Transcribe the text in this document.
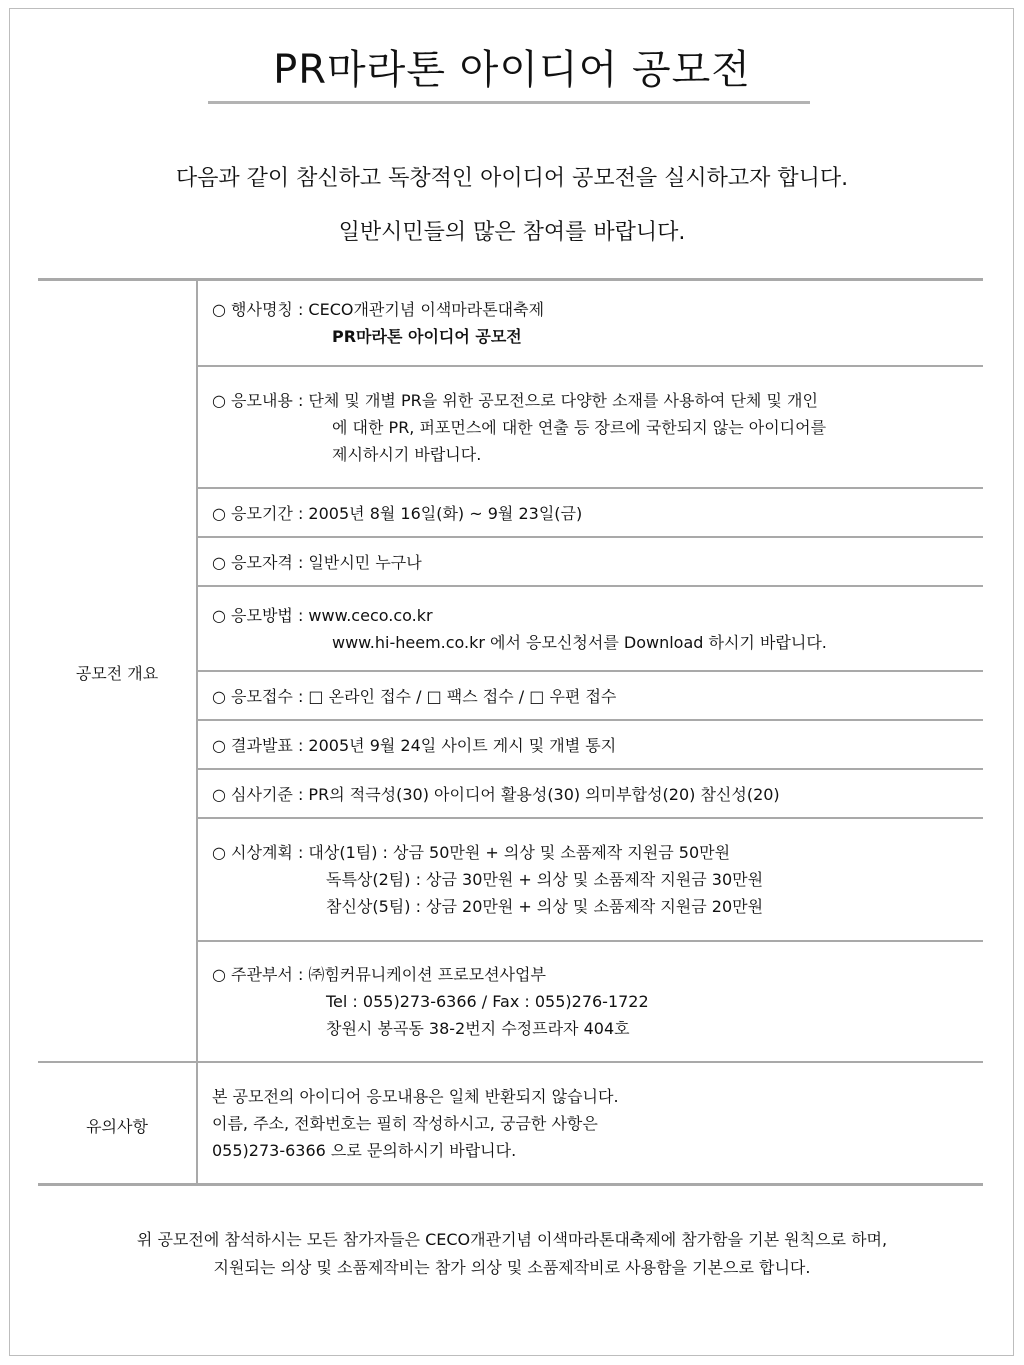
PR마라톤 아이디어 공모전
다음과 같이 참신하고 독창적인 아이디어 공모전을 실시하고자 합니다.
일반시민들의 많은 참여를 바랍니다.
공모전 개요
유의사항
○ 행사명칭 : CECO개관기념 이색마라톤대축제
PR마라톤 아이디어 공모전
○ 응모내용 : 단체 및 개별 PR을 위한 공모전으로 다양한 소재를 사용하여 단체 및 개인
에 대한 PR, 퍼포먼스에 대한 연출 등 장르에 국한되지 않는 아이디어를
제시하시기 바랍니다.
○ 응모기간 : 2005년 8월 16일(화) ~ 9월 23일(금)
○ 응모자격 : 일반시민 누구나
○ 응모방법 : www.ceco.co.kr
www.hi-heem.co.kr 에서 응모신청서를 Download 하시기 바랍니다.
○ 응모접수 : □ 온라인 접수 / □ 팩스 접수 / □ 우편 접수
○ 결과발표 : 2005년 9월 24일 사이트 게시 및 개별 통지
○ 심사기준 : PR의 적극성(30) 아이디어 활용성(30) 의미부합성(20) 참신성(20)
○ 시상계획 : 대상(1팀) : 상금 50만원 + 의상 및 소품제작 지원금 50만원
독특상(2팀) : 상금 30만원 + 의상 및 소품제작 지원금 30만원
참신상(5팀) : 상금 20만원 + 의상 및 소품제작 지원금 20만원
○ 주관부서 : ㈜힘커뮤니케이션 프로모션사업부
Tel : 055)273-6366 / Fax : 055)276-1722
창원시 봉곡동 38-2번지 수정프라자 404호
본 공모전의 아이디어 응모내용은 일체 반환되지 않습니다.
이름, 주소, 전화번호는 필히 작성하시고, 궁금한 사항은
055)273-6366 으로 문의하시기 바랍니다.
위 공모전에 참석하시는 모든 참가자들은 CECO개관기념 이색마라톤대축제에 참가함을 기본 원칙으로 하며,
지원되는 의상 및 소품제작비는 참가 의상 및 소품제작비로 사용함을 기본으로 합니다.
